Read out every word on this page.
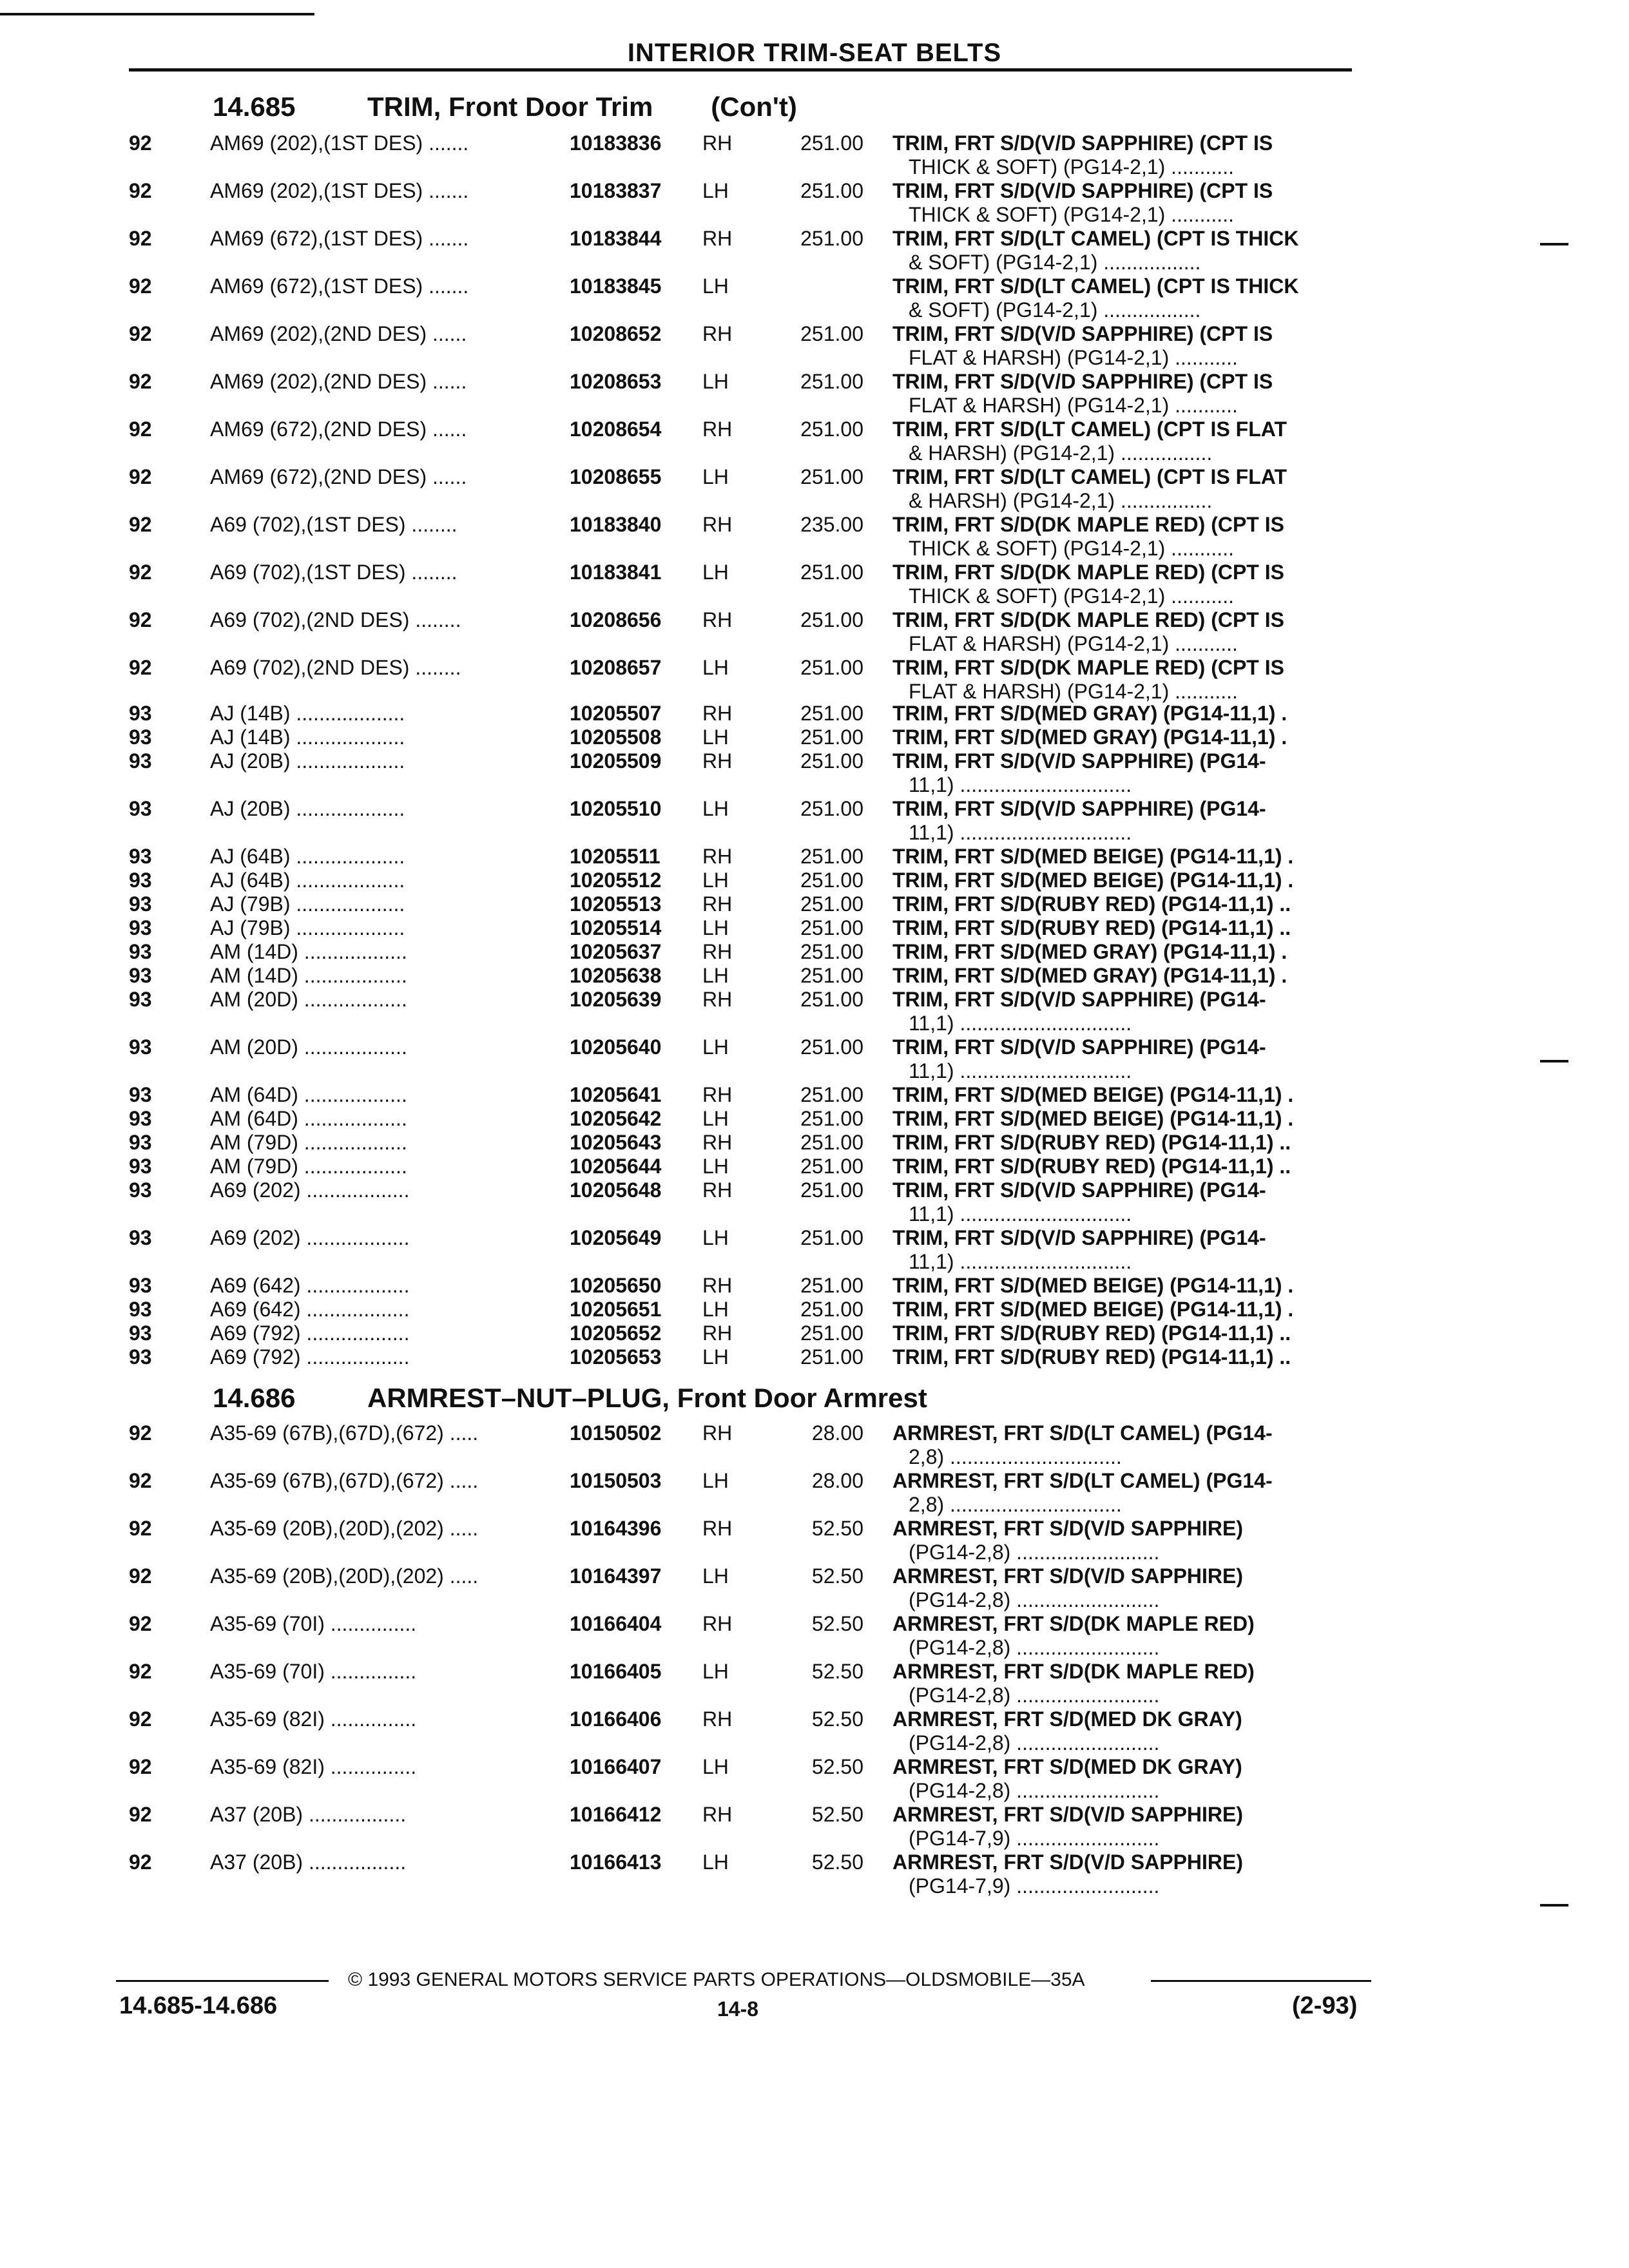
INTERIOR TRIM-SEAT BELTS
14.685	TRIM, Front Door Trim (Con't)
14.686	ARMREST–NUT–PLUG, Front Door Armrest
92	AM69 (202),(1ST DES) .......	10183836 RH	251.00 TRIM, FRT S/D(V/D SAPPHIRE) (CPT IS
THICK & SOFT) (PG14-2,1) ...........
92	AM69 (202),(1ST DES) .......	10183837 LH	251.00 TRIM, FRT S/D(V/D SAPPHIRE) (CPT IS
THICK & SOFT) (PG14-2,1) ...........
92	AM69 (672),(1ST DES) .......	10183844 RH	251.00 TRIM, FRT S/D(LT CAMEL) (CPT IS THICK
& SOFT) (PG14-2,1) .................
92	AM69 (672),(1ST DES) .......	10183845 LH	TRIM, FRT S/D(LT CAMEL) (CPT IS THICK
& SOFT) (PG14-2,1) .................
92	AM69 (202),(2ND DES) ......	10208652 RH	251.00 TRIM, FRT S/D(V/D SAPPHIRE) (CPT IS
FLAT & HARSH) (PG14-2,1) ...........
92	AM69 (202),(2ND DES) ......	10208653 LH	251.00 TRIM, FRT S/D(V/D SAPPHIRE) (CPT IS
FLAT & HARSH) (PG14-2,1) ...........
92	AM69 (672),(2ND DES) ......	10208654 RH	251.00 TRIM, FRT S/D(LT CAMEL) (CPT IS FLAT
& HARSH) (PG14-2,1) ................
92	AM69 (672),(2ND DES) ......	10208655 LH	251.00 TRIM, FRT S/D(LT CAMEL) (CPT IS FLAT
& HARSH) (PG14-2,1) ................
92	A69 (702),(1ST DES) ........	10183840 RH	235.00 TRIM, FRT S/D(DK MAPLE RED) (CPT IS
THICK & SOFT) (PG14-2,1) ...........
92	A69 (702),(1ST DES) ........	10183841 LH	251.00 TRIM, FRT S/D(DK MAPLE RED) (CPT IS
THICK & SOFT) (PG14-2,1) ...........
92	A69 (702),(2ND DES) ........	10208656 RH	251.00 TRIM, FRT S/D(DK MAPLE RED) (CPT IS
FLAT & HARSH) (PG14-2,1) ...........
92	A69 (702),(2ND DES) ........	10208657 LH	251.00 TRIM, FRT S/D(DK MAPLE RED) (CPT IS
FLAT & HARSH) (PG14-2,1) ...........
93	AJ (14B) ...................	10205507 RH	251.00 TRIM, FRT S/D(MED GRAY) (PG14-11,1) .
93	AJ (14B) ...................	10205508 LH	251.00 TRIM, FRT S/D(MED GRAY) (PG14-11,1) .
93	AJ (20B) ...................	10205509 RH	251.00 TRIM, FRT S/D(V/D SAPPHIRE) (PG14-
11,1) ..............................
93	AJ (20B) ...................	10205510 LH	251.00 TRIM, FRT S/D(V/D SAPPHIRE) (PG14-
11,1) ..............................
93	AJ (64B) ...................	10205511 RH	251.00 TRIM, FRT S/D(MED BEIGE) (PG14-11,1) .
93	AJ (64B) ...................	10205512 LH	251.00 TRIM, FRT S/D(MED BEIGE) (PG14-11,1) .
93	AJ (79B) ...................	10205513 RH	251.00 TRIM, FRT S/D(RUBY RED) (PG14-11,1) ..
93	AJ (79B) ...................	10205514 LH	251.00 TRIM, FRT S/D(RUBY RED) (PG14-11,1) ..
93	AM (14D) ..................	10205637 RH	251.00 TRIM, FRT S/D(MED GRAY) (PG14-11,1) .
93	AM (14D) ..................	10205638 LH	251.00 TRIM, FRT S/D(MED GRAY) (PG14-11,1) .
93	AM (20D) ..................	10205639 RH	251.00 TRIM, FRT S/D(V/D SAPPHIRE) (PG14-
11,1) ..............................
93	AM (20D) ..................	10205640 LH	251.00 TRIM, FRT S/D(V/D SAPPHIRE) (PG14-
11,1) ..............................
93	AM (64D) ..................	10205641 RH	251.00 TRIM, FRT S/D(MED BEIGE) (PG14-11,1) .
93	AM (64D) ..................	10205642 LH	251.00 TRIM, FRT S/D(MED BEIGE) (PG14-11,1) .
93	AM (79D) ..................	10205643 RH	251.00 TRIM, FRT S/D(RUBY RED) (PG14-11,1) ..
93	AM (79D) ..................	10205644 LH	251.00 TRIM, FRT S/D(RUBY RED) (PG14-11,1) ..
93	A69 (202) ..................	10205648 RH	251.00 TRIM, FRT S/D(V/D SAPPHIRE) (PG14-
11,1) ..............................
93	A69 (202) ..................	10205649 LH	251.00 TRIM, FRT S/D(V/D SAPPHIRE) (PG14-
11,1) ..............................
93	A69 (642) ..................	10205650 RH	251.00 TRIM, FRT S/D(MED BEIGE) (PG14-11,1) .
93	A69 (642) ..................	10205651 LH	251.00 TRIM, FRT S/D(MED BEIGE) (PG14-11,1) .
93	A69 (792) ..................	10205652 RH	251.00 TRIM, FRT S/D(RUBY RED) (PG14-11,1) ..
93	A69 (792) ..................	10205653 LH	251.00 TRIM, FRT S/D(RUBY RED) (PG14-11,1) ..
92	A35-69 (67B),(67D),(672) .....	10150502 RH	28.00 ARMREST, FRT S/D(LT CAMEL) (PG14-
2,8) ..............................
92	A35-69 (67B),(67D),(672) .....	10150503 LH	28.00 ARMREST, FRT S/D(LT CAMEL) (PG14-
2,8) ..............................
92	A35-69 (20B),(20D),(202) .....	10164396 RH	52.50 ARMREST, FRT S/D(V/D SAPPHIRE)
(PG14-2,8) .........................
92	A35-69 (20B),(20D),(202) .....	10164397 LH	52.50 ARMREST, FRT S/D(V/D SAPPHIRE)
(PG14-2,8) .........................
92	A35-69 (70I) ...............	10166404 RH	52.50 ARMREST, FRT S/D(DK MAPLE RED)
(PG14-2,8) .........................
92	A35-69 (70I) ...............	10166405 LH	52.50 ARMREST, FRT S/D(DK MAPLE RED)
(PG14-2,8) .........................
92	A35-69 (82I) ...............	10166406 RH	52.50 ARMREST, FRT S/D(MED DK GRAY)
(PG14-2,8) .........................
92	A35-69 (82I) ...............	10166407 LH	52.50 ARMREST, FRT S/D(MED DK GRAY)
(PG14-2,8) .........................
92	A37 (20B) .................	10166412 RH	52.50 ARMREST, FRT S/D(V/D SAPPHIRE)
(PG14-7,9) .........................
92	A37 (20B) .................	10166413 LH	52.50 ARMREST, FRT S/D(V/D SAPPHIRE)
(PG14-7,9) .........................
© 1993 GENERAL MOTORS SERVICE PARTS OPERATIONS—OLDSMOBILE—35A
14.685-14.686	14-8	(2-93)
